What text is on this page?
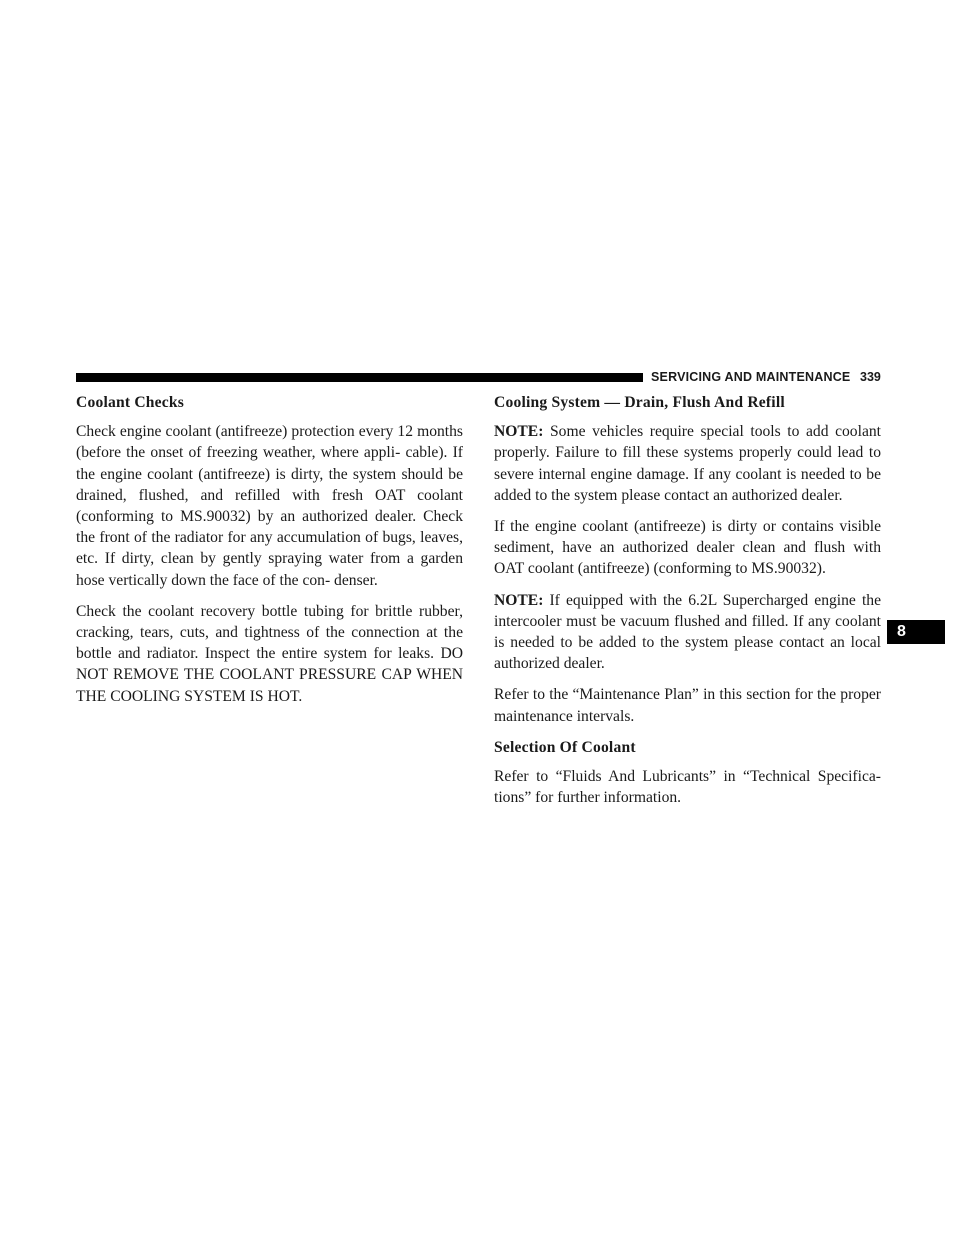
SERVICING AND MAINTENANCE 339
8
Coolant Checks

Check engine coolant (antifreeze) protection every 12 months (before the onset of freezing weather, where appli- cable). If the engine coolant (antifreeze) is dirty, the system should be drained, flushed, and refilled with fresh OAT coolant (conforming to MS.90032) by an authorized dealer. Check the front of the radiator for any accumulation of bugs, leaves, etc. If dirty, clean by gently spraying water from a garden hose vertically down the face of the con- denser.

Check the coolant recovery bottle tubing for brittle rubber, cracking, tears, cuts, and tightness of the connection at the bottle and radiator. Inspect the entire system for leaks. DO NOT REMOVE THE COOLANT PRESSURE CAP WHEN THE COOLING SYSTEM IS HOT.

Cooling System — Drain, Flush And Refill

NOTE: Some vehicles require special tools to add coolant properly. Failure to fill these systems properly could lead to severe internal engine damage. If any coolant is needed to be added to the system please contact an authorized dealer.

If the engine coolant (antifreeze) is dirty or contains visible sediment, have an authorized dealer clean and flush with OAT coolant (antifreeze) (conforming to MS.90032).

NOTE: If equipped with the 6.2L Supercharged engine the intercooler must be vacuum flushed and filled. If any coolant is needed to be added to the system please contact an local authorized dealer.

Refer to the “Maintenance Plan” in this section for the proper maintenance intervals.

Selection Of Coolant

Refer to “Fluids And Lubricants” in “Technical Specifica- tions” for further information.
